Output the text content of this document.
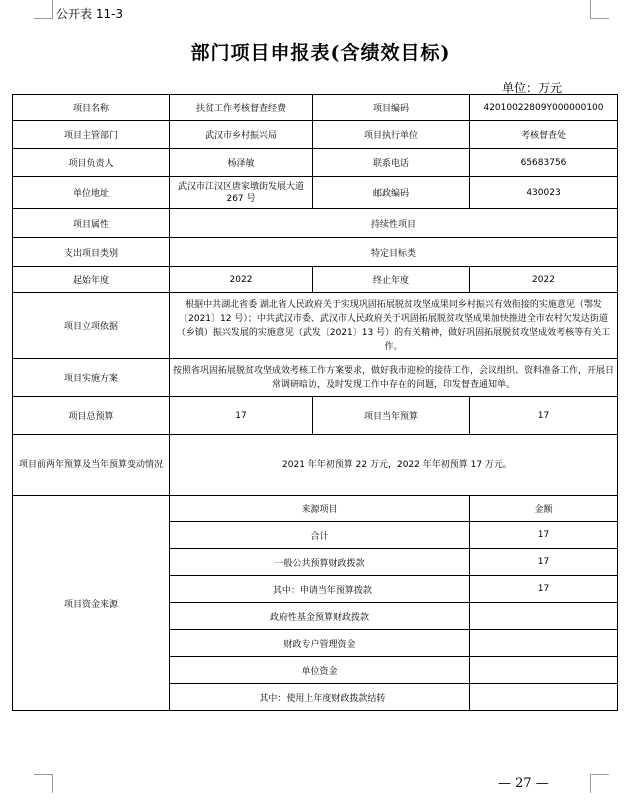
公开表 11-3
部门项目申报表(含绩效目标)
单位：万元
项目名称	扶贫工作考核督查经费	项目编码	42010022809Y000000100
项目主管部门	武汉市乡村振兴局	项目执行单位	考核督查处
项目负责人	杨泽敏	联系电话	65683756
单位地址	武汉市江汉区唐家墩街发展大道267 号	邮政编码	430023
项目属性	持续性项目		
支出项目类别	特定目标类		
起始年度	2022	终止年度	2022
项目立项依据	根据中共湖北省委 湖北省人民政府关于实现巩固拓展脱贫攻坚成果同乡村振兴有效衔接的实施意见（鄂发〔2021〕12 号）；中共武汉市委、武汉市人民政府关于巩固拓展脱贫攻坚成果加快推进全市农村欠发达街道（乡镇）振兴发展的实施意见（武发〔2021〕13 号）的有关精神，做好巩固拓展脱贫攻坚成效考核等有关工作。		
项目实施方案	按照省巩固拓展脱贫攻坚成效考核工作方案要求，做好我市迎检的接待工作，会议组织、资料准备工作，开展日常调研暗访，及时发现工作中存在的问题，印发督查通知单。		
项目总预算	17	项目当年预算	17
项目前两年预算及当年预算变动情况	2021 年年初预算 22 万元，2022 年年初预算 17 万元。		
项目资金来源	来源项目		金额
	合计		17
	一般公共预算财政拨款		17
	其中：申请当年预算拨款		17
	政府性基金预算财政拨款		
	财政专户管理资金		
	单位资金		
	其中：使用上年度财政拨款结转		
— 27 —
